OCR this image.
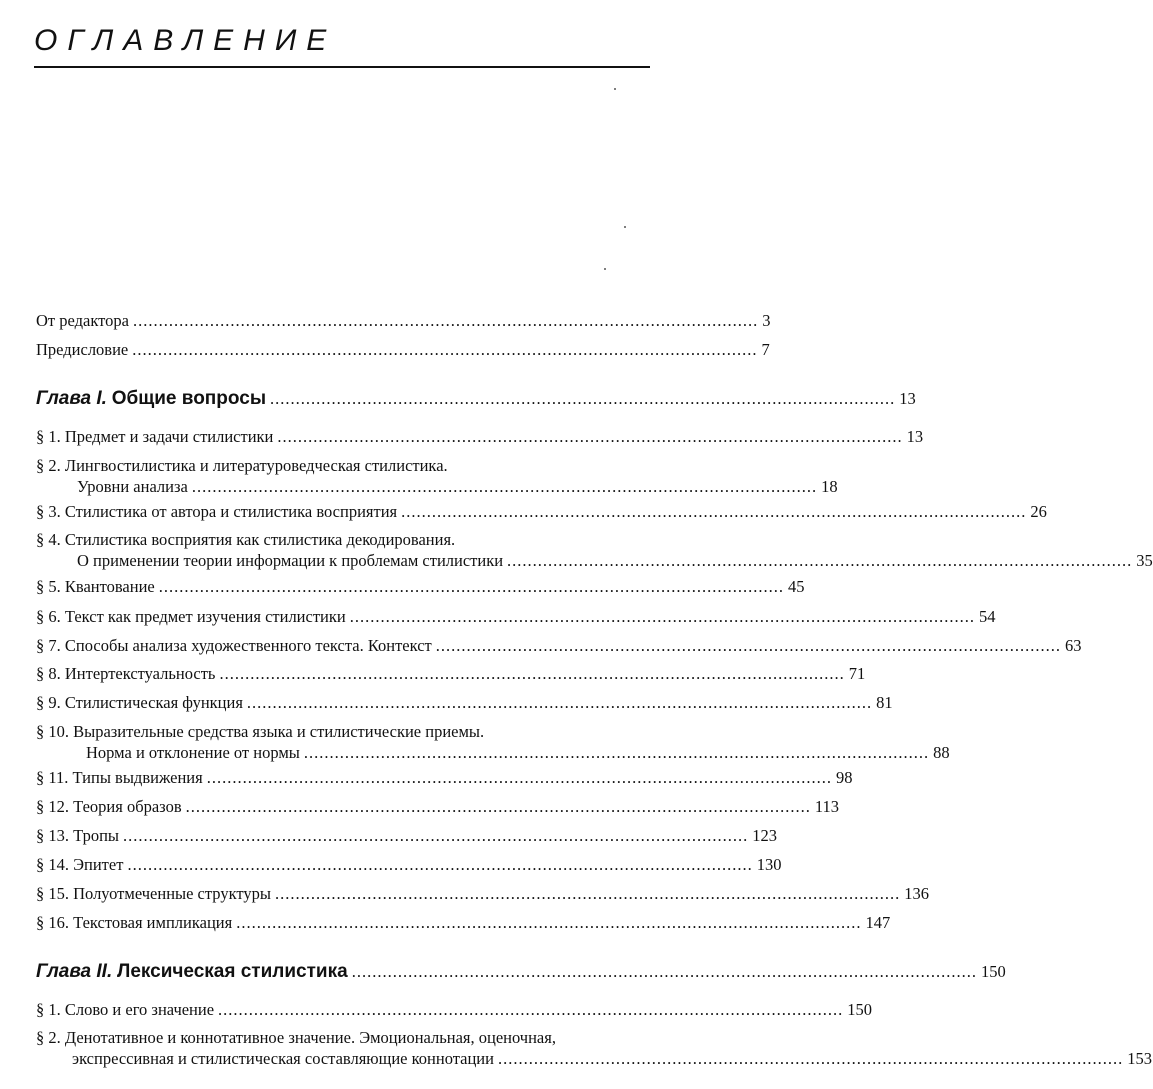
ОГЛАВЛЕНИЕ
От редактора .......................................................................................................................... 3
Предисловие .......................................................................................................................... 7
Глава I. Общие вопросы .......................................................................................................................... 13
§ 1. Предмет и задачи стилистики .......................................................................................................................... 13
§ 2. Лингвостилистика и литературоведческая стилистика.
Уровни анализа .......................................................................................................................... 18
§ 3. Стилистика от автора и стилистика восприятия .......................................................................................................................... 26
§ 4. Стилистика восприятия как стилистика декодирования.
О применении теории информации к проблемам стилистики .......................................................................................................................... 35
§ 5. Квантование .......................................................................................................................... 45
§ 6. Текст как предмет изучения стилистики .......................................................................................................................... 54
§ 7. Способы анализа художественного текста. Контекст .......................................................................................................................... 63
§ 8. Интертекстуальность .......................................................................................................................... 71
§ 9. Стилистическая функция .......................................................................................................................... 81
§ 10. Выразительные средства языка и стилистические приемы.
Норма и отклонение от нормы .......................................................................................................................... 88
§ 11. Типы выдвижения .......................................................................................................................... 98
§ 12. Теория образов .......................................................................................................................... 113
§ 13. Тропы .......................................................................................................................... 123
§ 14. Эпитет .......................................................................................................................... 130
§ 15. Полуотмеченные структуры .......................................................................................................................... 136
§ 16. Текстовая импликация .......................................................................................................................... 147
Глава II. Лексическая стилистика .......................................................................................................................... 150
§ 1. Слово и его значение .......................................................................................................................... 150
§ 2. Денотативное и коннотативное значение. Эмоциональная, оценочная,
экспрессивная и стилистическая составляющие коннотации .......................................................................................................................... 153
